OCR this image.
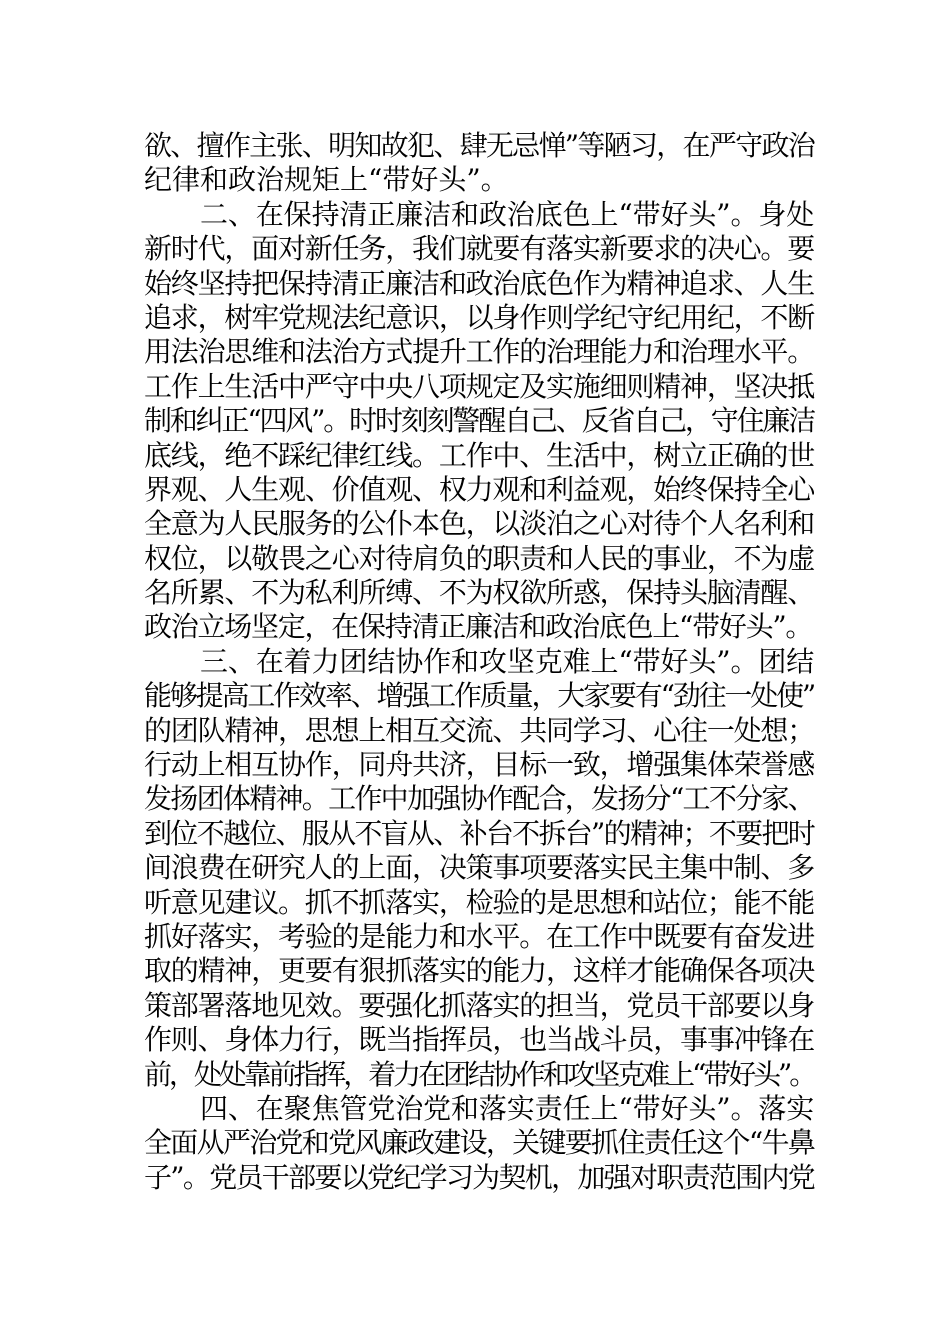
欲、擅作主张、明知故犯、肆无忌惮”等陋习，在严守政治
纪律和政治规矩上“带好头”。
二、在保持清正廉洁和政治底色上“带好头”。身处
新时代，面对新任务，我们就要有落实新要求的决心。要
始终坚持把保持清正廉洁和政治底色作为精神追求、人生
追求，树牢党规法纪意识，以身作则学纪守纪用纪，不断
用法治思维和法治方式提升工作的治理能力和治理水平。
工作上生活中严守中央八项规定及实施细则精神，坚决抵
制和纠正“四风”。时时刻刻警醒自己、反省自己，守住廉洁
底线，绝不踩纪律红线。工作中、生活中，树立正确的世
界观、人生观、价值观、权力观和利益观，始终保持全心
全意为人民服务的公仆本色，以淡泊之心对待个人名利和
权位，以敬畏之心对待肩负的职责和人民的事业，不为虚
名所累、不为私利所缚、不为权欲所惑，保持头脑清醒、
政治立场坚定，在保持清正廉洁和政治底色上“带好头”。
三、在着力团结协作和攻坚克难上“带好头”。团结
能够提高工作效率、增强工作质量，大家要有“劲往一处使”
的团队精神，思想上相互交流、共同学习、心往一处想；
行动上相互协作，同舟共济，目标一致，增强集体荣誉感
发扬团体精神。工作中加强协作配合，发扬分“工不分家、
到位不越位、服从不盲从、补台不拆台”的精神；不要把时
间浪费在研究人的上面，决策事项要落实民主集中制、多
听意见建议。抓不抓落实，检验的是思想和站位；能不能
抓好落实，考验的是能力和水平。在工作中既要有奋发进
取的精神，更要有狠抓落实的能力，这样才能确保各项决
策部署落地见效。要强化抓落实的担当，党员干部要以身
作则、身体力行，既当指挥员，也当战斗员，事事冲锋在
前，处处靠前指挥，着力在团结协作和攻坚克难上“带好头”。
四、在聚焦管党治党和落实责任上“带好头”。落实
全面从严治党和党风廉政建设，关键要抓住责任这个“牛鼻
子”。党员干部要以党纪学习为契机，加强对职责范围内党
